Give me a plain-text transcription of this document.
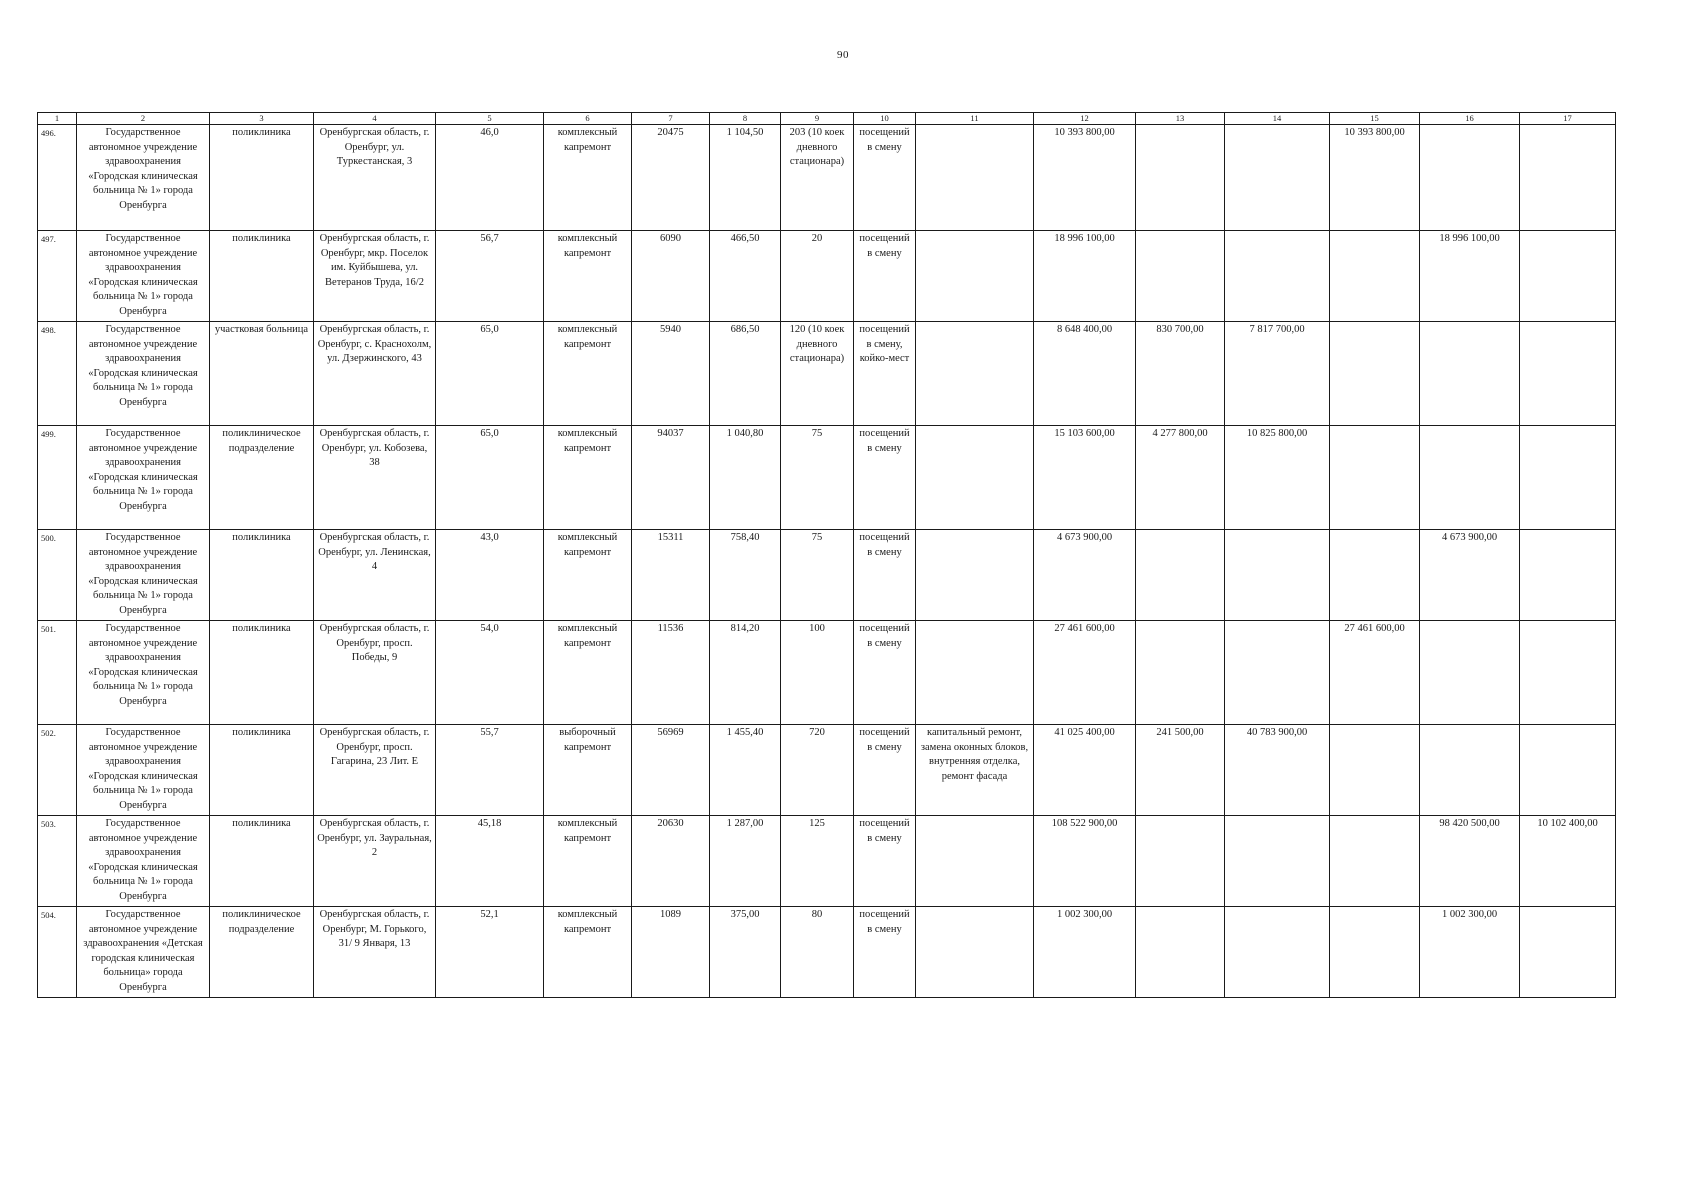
90
1	2	3	4	5	6	7	8	9	10	11	12	13	14	15	16	17
496.	Государственное автономное учреждение здравоохранения «Городская клиническая больница № 1» города Оренбурга	поликлиника	Оренбургская область, г. Оренбург, ул. Туркестанская, 3	46,0	комплексный капремонт	20475	1 104,50	203 (10 коек дневного стационара)	посещений в смену		10 393 800,00			10 393 800,00		
497.	Государственное автономное учреждение здравоохранения «Городская клиническая больница № 1» города Оренбурга	поликлиника	Оренбургская область, г. Оренбург, мкр. Поселок им. Куйбышева, ул. Ветеранов Труда, 16/2	56,7	комплексный капремонт	6090	466,50	20	посещений в смену		18 996 100,00				18 996 100,00	
498.	Государственное автономное учреждение здравоохранения «Городская клиническая больница № 1» города Оренбурга	участковая больница	Оренбургская область, г. Оренбург, с. Краснохолм, ул. Дзержинского, 43	65,0	комплексный капремонт	5940	686,50	120 (10 коек дневного стационара)	посещений в смену, койко-мест		8 648 400,00	830 700,00	7 817 700,00			
499.	Государственное автономное учреждение здравоохранения «Городская клиническая больница № 1» города Оренбурга	поликлиническое подразделение	Оренбургская область, г. Оренбург, ул. Кобозева, 38	65,0	комплексный капремонт	94037	1 040,80	75	посещений в смену		15 103 600,00	4 277 800,00	10 825 800,00			
500.	Государственное автономное учреждение здравоохранения «Городская клиническая больница № 1» города Оренбурга	поликлиника	Оренбургская область, г. Оренбург, ул. Ленинская, 4	43,0	комплексный капремонт	15311	758,40	75	посещений в смену		4 673 900,00				4 673 900,00	
501.	Государственное автономное учреждение здравоохранения «Городская клиническая больница № 1» города Оренбурга	поликлиника	Оренбургская область, г. Оренбург, просп. Победы, 9	54,0	комплексный капремонт	11536	814,20	100	посещений в смену		27 461 600,00			27 461 600,00		
502.	Государственное автономное учреждение здравоохранения «Городская клиническая больница № 1» города Оренбурга	поликлиника	Оренбургская область, г. Оренбург, просп. Гагарина, 23 Лит. Е	55,7	выборочный капремонт	56969	1 455,40	720	посещений в смену	капитальный ремонт, замена оконных блоков, внутренняя отделка, ремонт фасада	41 025 400,00	241 500,00	40 783 900,00			
503.	Государственное автономное учреждение здравоохранения «Городская клиническая больница № 1» города Оренбурга	поликлиника	Оренбургская область, г. Оренбург, ул. Зауральная, 2	45,18	комплексный капремонт	20630	1 287,00	125	посещений в смену		108 522 900,00				98 420 500,00	10 102 400,00
504.	Государственное автономное учреждение здравоохранения «Детская городская клиническая больница» города Оренбурга	поликлиническое подразделение	Оренбургская область, г. Оренбург, М. Горького, 31/ 9 Января, 13	52,1	комплексный капремонт	1089	375,00	80	посещений в смену		1 002 300,00				1 002 300,00	
